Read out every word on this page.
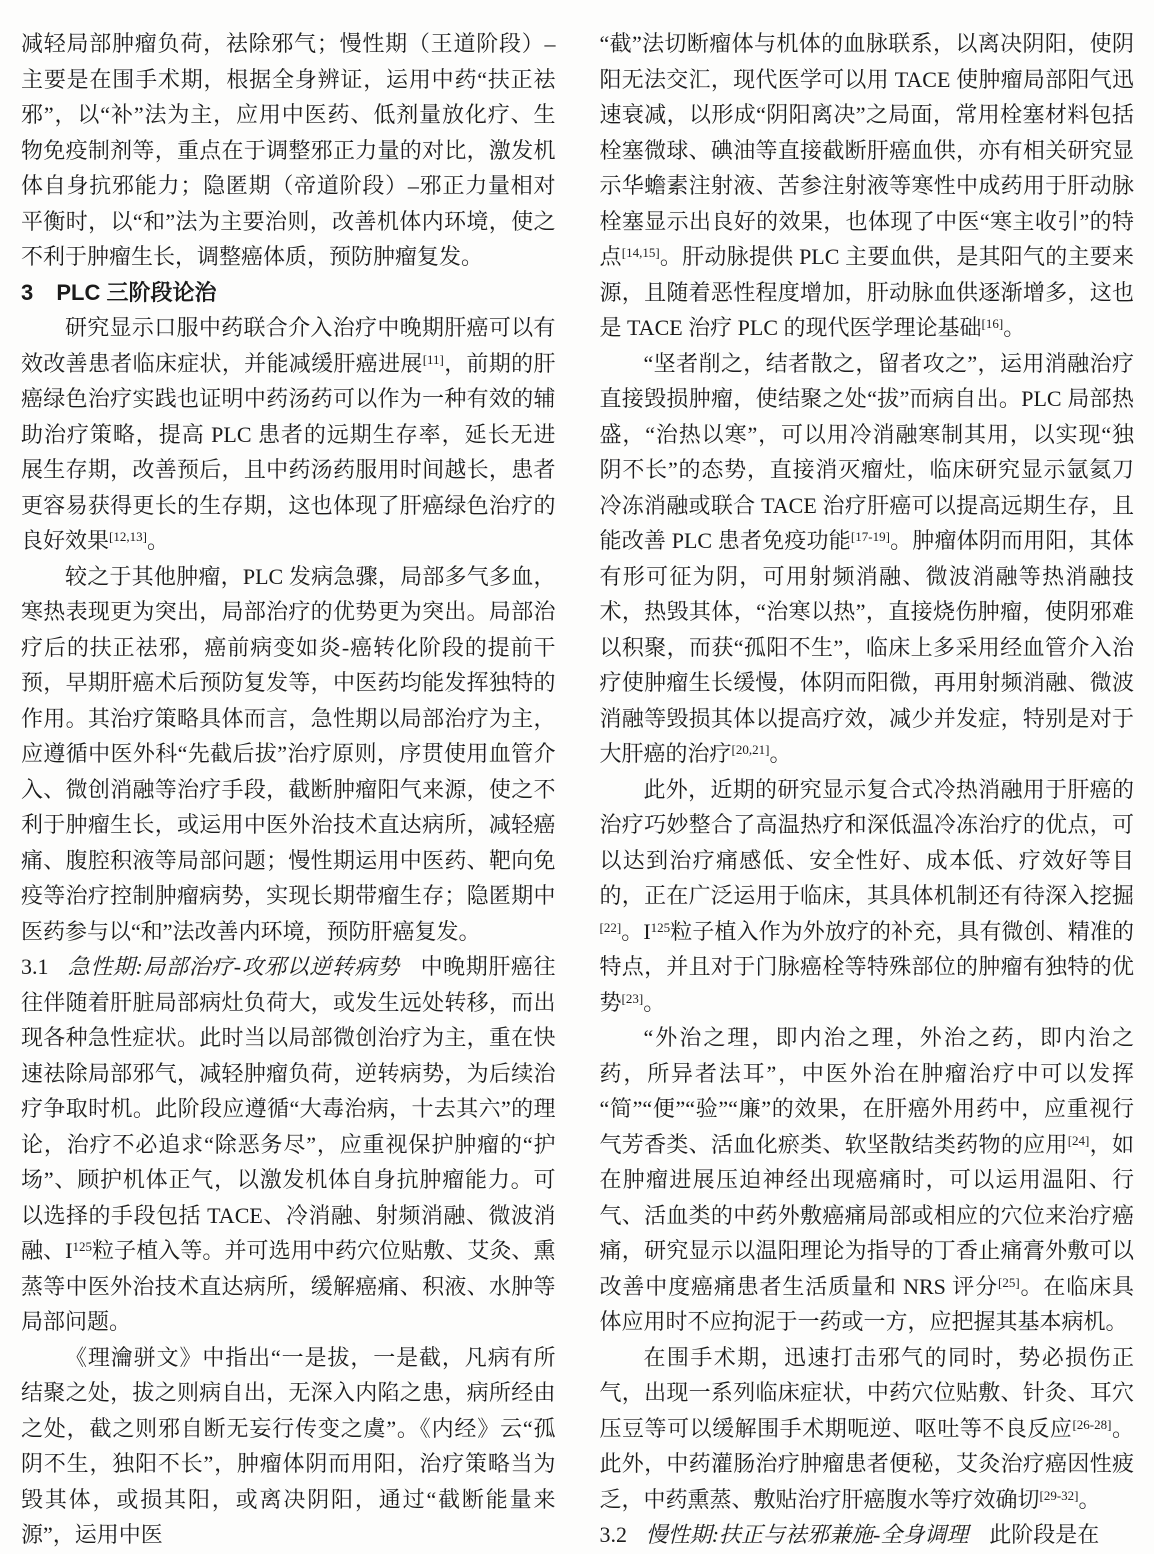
减轻局部肿瘤负荷，祛除邪气；慢性期（王道阶段）–主要是在围手术期，根据全身辨证，运用中药“扶正祛邪”，以“补”法为主，应用中医药、低剂量放化疗、生物免疫制剂等，重点在于调整邪正力量的对比，激发机体自身抗邪能力；隐匿期（帝道阶段）–邪正力量相对平衡时，以“和”法为主要治则，改善机体内环境，使之不利于肿瘤生长，调整癌体质，预防肿瘤复发。

3 PLC 三阶段论治

研究显示口服中药联合介入治疗中晚期肝癌可以有效改善患者临床症状，并能减缓肝癌进展[11]，前期的肝癌绿色治疗实践也证明中药汤药可以作为一种有效的辅助治疗策略，提高 PLC 患者的远期生存率，延长无进展生存期，改善预后，且中药汤药服用时间越长，患者更容易获得更长的生存期，这也体现了肝癌绿色治疗的良好效果[12,13]。

较之于其他肿瘤，PLC 发病急骤，局部多气多血，寒热表现更为突出，局部治疗的优势更为突出。局部治疗后的扶正祛邪，癌前病变如炎-癌转化阶段的提前干预，早期肝癌术后预防复发等，中医药均能发挥独特的作用。其治疗策略具体而言，急性期以局部治疗为主，应遵循中医外科“先截后拔”治疗原则，序贯使用血管介入、微创消融等治疗手段，截断肿瘤阳气来源，使之不利于肿瘤生长，或运用中医外治技术直达病所，减轻癌痛、腹腔积液等局部问题；慢性期运用中医药、靶向免疫等治疗控制肿瘤病势，实现长期带瘤生存；隐匿期中医药参与以“和”法改善内环境，预防肝癌复发。

3.1 急性期:局部治疗-攻邪以逆转病势 中晚期肝癌往往伴随着肝脏局部病灶负荷大，或发生远处转移，而出现各种急性症状。此时当以局部微创治疗为主，重在快速祛除局部邪气，减轻肿瘤负荷，逆转病势，为后续治疗争取时机。此阶段应遵循“大毒治病，十去其六”的理论，治疗不必追求“除恶务尽”，应重视保护肿瘤的“护场”、顾护机体正气，以激发机体自身抗肿瘤能力。可以选择的手段包括 TACE、冷消融、射频消融、微波消融、$I^{125}$粒子植入等。并可选用中药穴位贴敷、艾灸、熏蒸等中医外治技术直达病所，缓解癌痛、积液、水肿等局部问题。

《理瀹骈文》中指出“一是拔，一是截，凡病有所结聚之处，拔之则病自出，无深入内陷之患，病所经由之处，截之则邪自断无妄行传变之虞”。《内经》云“孤阴不生，独阳不长”，肿瘤体阴而用阳，治疗策略当为毁其体，或损其阳，或离决阴阳，通过“截断能量来源”，运用中医

“截”法切断瘤体与机体的血脉联系，以离决阴阳，使阴阳无法交汇，现代医学可以用 TACE 使肿瘤局部阳气迅速衰减，以形成“阴阳离决”之局面，常用栓塞材料包括栓塞微球、碘油等直接截断肝癌血供，亦有相关研究显示华蟾素注射液、苦参注射液等寒性中成药用于肝动脉栓塞显示出良好的效果，也体现了中医“寒主收引”的特点[14,15]。肝动脉提供 PLC 主要血供，是其阳气的主要来源，且随着恶性程度增加，肝动脉血供逐渐增多，这也是 TACE 治疗 PLC 的现代医学理论基础[16]。

“坚者削之，结者散之，留者攻之”，运用消融治疗直接毁损肿瘤，使结聚之处“拔”而病自出。PLC 局部热盛，“治热以寒”，可以用冷消融寒制其用，以实现“独阴不长”的态势，直接消灭瘤灶，临床研究显示氩氦刀冷冻消融或联合 TACE 治疗肝癌可以提高远期生存，且能改善 PLC 患者免疫功能[17-19]。肿瘤体阴而用阳，其体有形可征为阴，可用射频消融、微波消融等热消融技术，热毁其体，“治寒以热”，直接烧伤肿瘤，使阴邪难以积聚，而获“孤阳不生”，临床上多采用经血管介入治疗使肿瘤生长缓慢，体阴而阳微，再用射频消融、微波消融等毁损其体以提高疗效，减少并发症，特别是对于大肝癌的治疗[20,21]。

此外，近期的研究显示复合式冷热消融用于肝癌的治疗巧妙整合了高温热疗和深低温冷冻治疗的优点，可以达到治疗痛感低、安全性好、成本低、疗效好等目的，正在广泛运用于临床，其具体机制还有待深入挖掘[22]。$I^{125}$粒子植入作为外放疗的补充，具有微创、精准的特点，并且对于门脉癌栓等特殊部位的肿瘤有独特的优势[23]。

“外治之理，即内治之理，外治之药，即内治之药，所异者法耳”，中医外治在肿瘤治疗中可以发挥“简”“便”“验”“廉”的效果，在肝癌外用药中，应重视行气芳香类、活血化瘀类、软坚散结类药物的应用[24]，如在肿瘤进展压迫神经出现癌痛时，可以运用温阳、行气、活血类的中药外敷癌痛局部或相应的穴位来治疗癌痛，研究显示以温阳理论为指导的丁香止痛膏外敷可以改善中度癌痛患者生活质量和 NRS 评分[25]。在临床具体应用时不应拘泥于一药或一方，应把握其基本病机。

在围手术期，迅速打击邪气的同时，势必损伤正气，出现一系列临床症状，中药穴位贴敷、针灸、耳穴压豆等可以缓解围手术期呃逆、呕吐等不良反应[26-28]。此外，中药灌肠治疗肿瘤患者便秘，艾灸治疗癌因性疲乏，中药熏蒸、敷贴治疗肝癌腹水等疗效确切[29-32]。

3.2 慢性期:扶正与祛邪兼施-全身调理 此阶段是在
